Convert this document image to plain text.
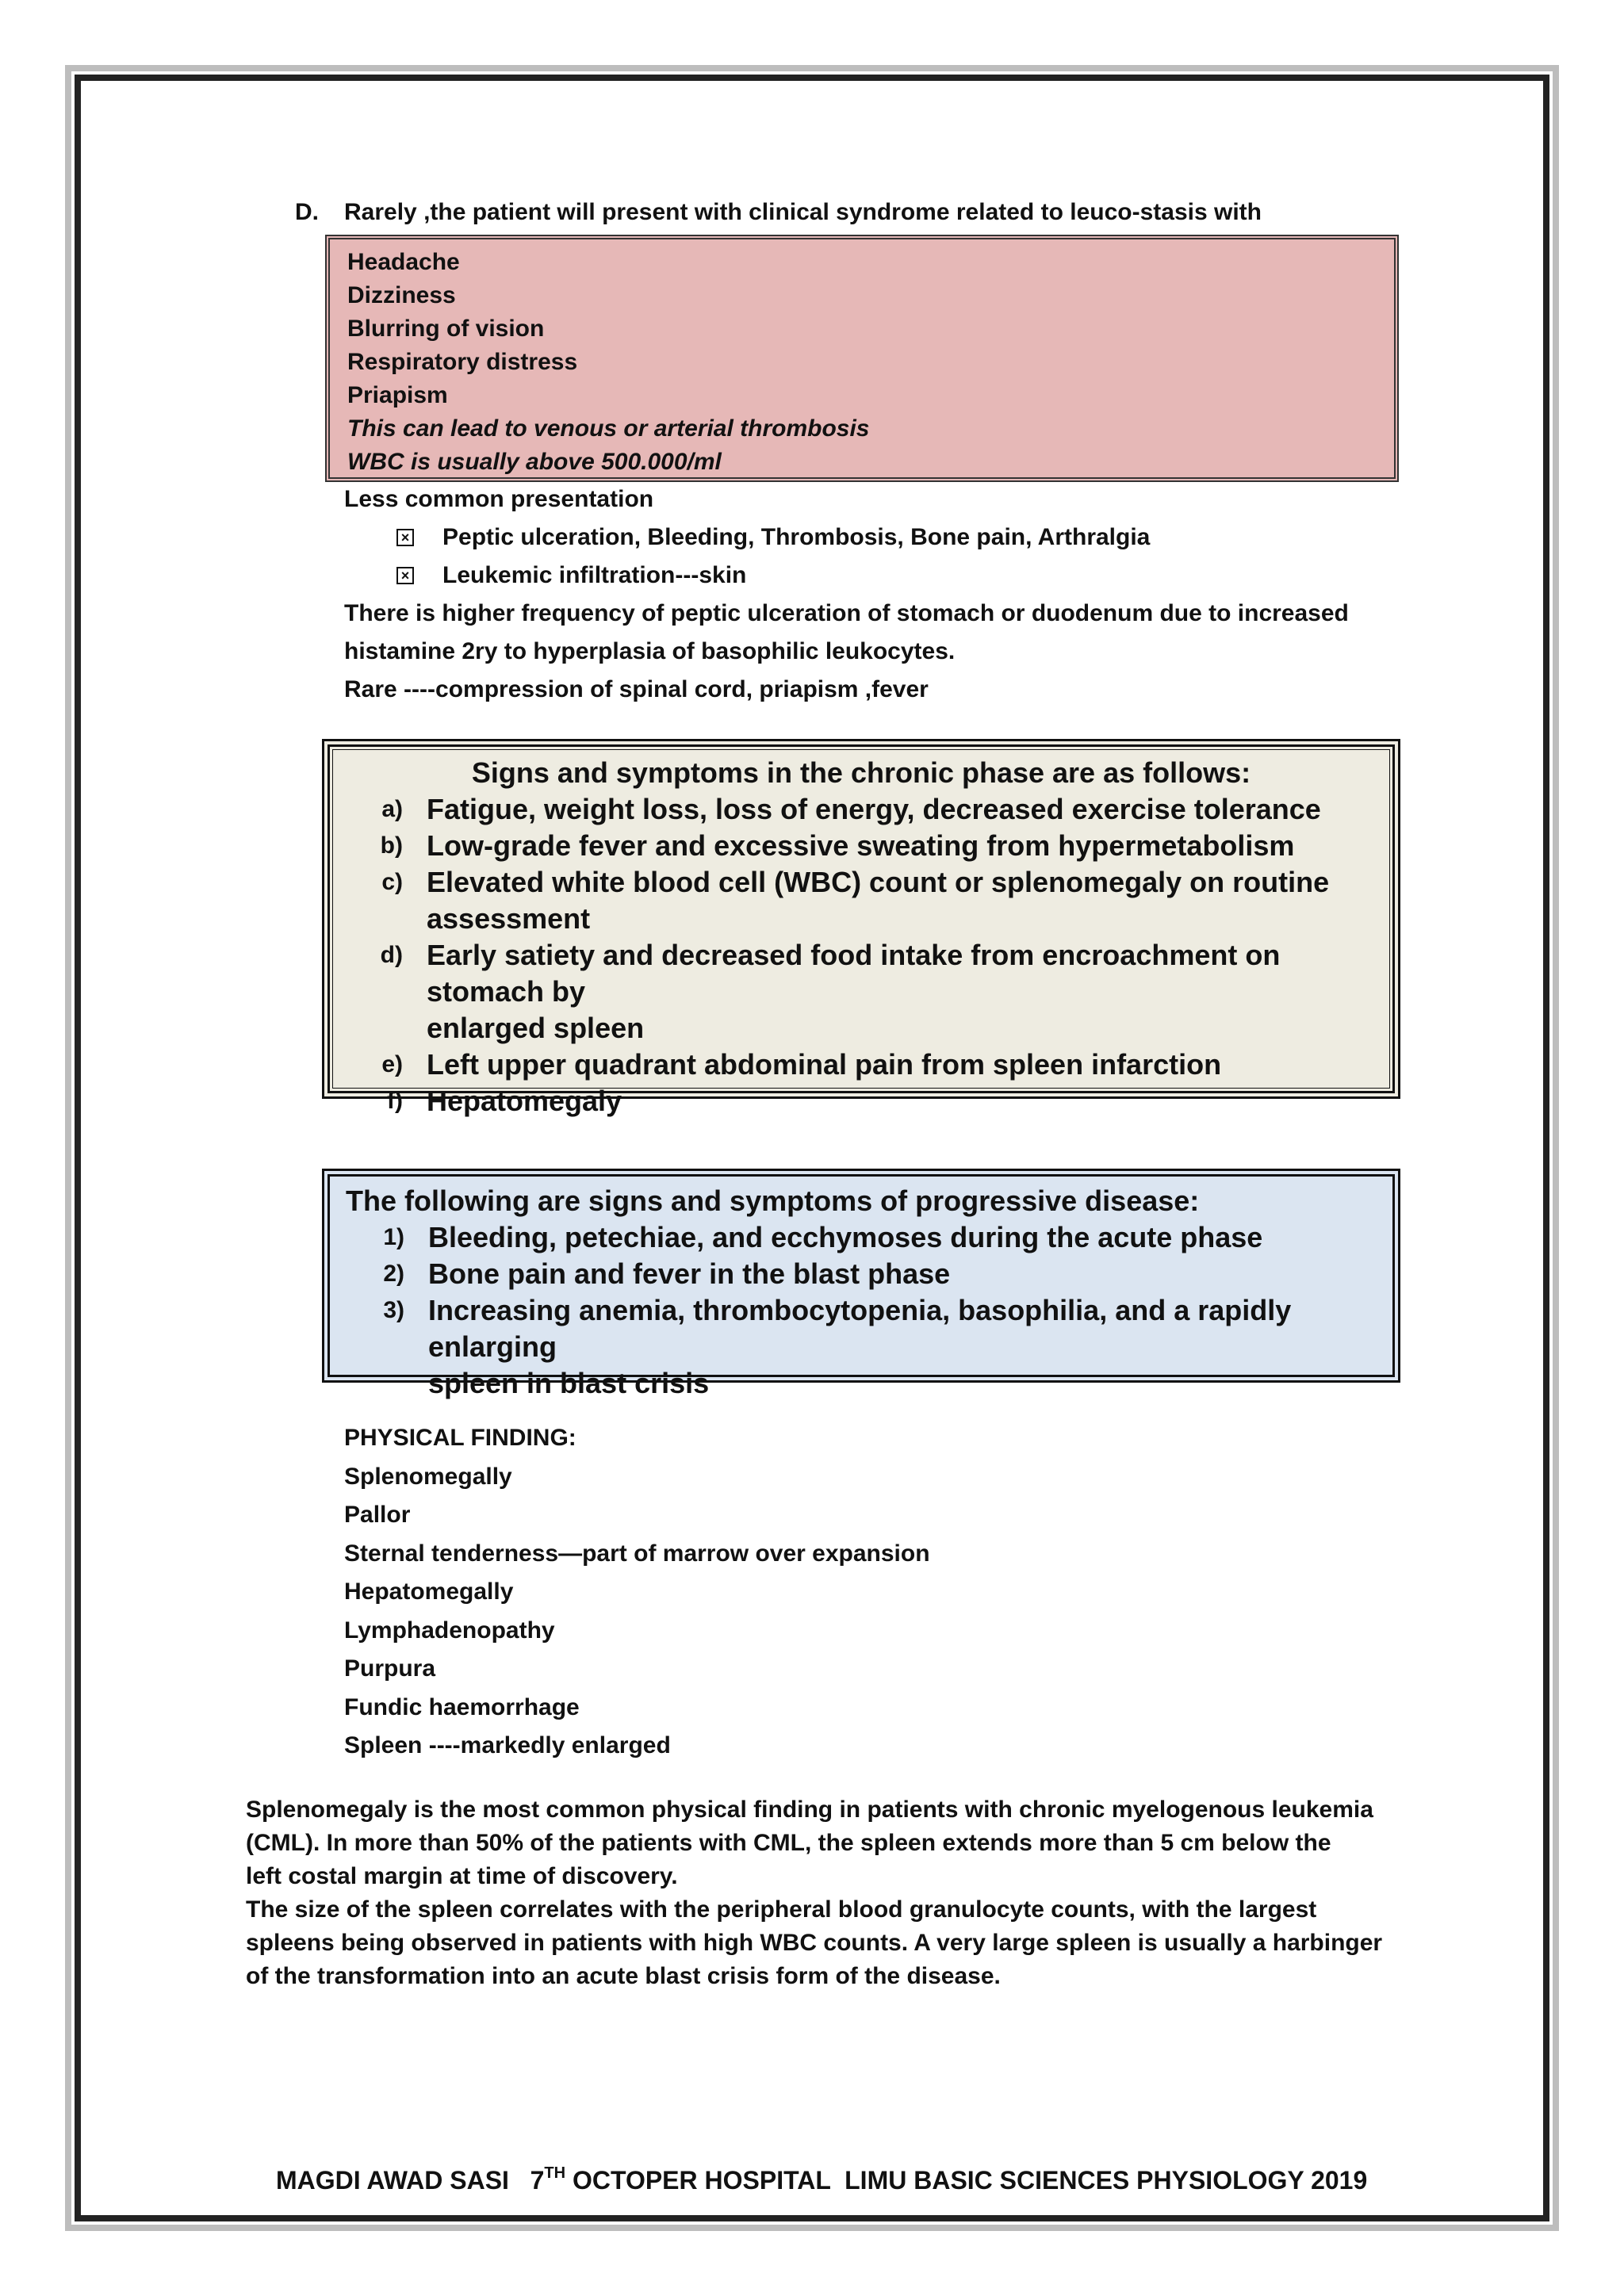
D. Rarely ,the patient will present with clinical syndrome related to leuco-stasis with
Headache
Dizziness
Blurring of vision
Respiratory distress
Priapism
This can lead to venous or arterial thrombosis
WBC is usually above 500.000/ml
Less common presentation
× Peptic ulceration, Bleeding, Thrombosis, Bone pain, Arthralgia
× Leukemic infiltration---skin
There is higher frequency of peptic ulceration of stomach or duodenum due to increased
histamine 2ry to hyperplasia of basophilic leukocytes.
Rare ----compression of spinal cord, priapism ,fever
Signs and symptoms in the chronic phase are as follows:
a) Fatigue, weight loss, loss of energy, decreased exercise tolerance
b) Low-grade fever and excessive sweating from hypermetabolism
c) Elevated white blood cell (WBC) count or splenomegaly on routine
assessment
d) Early satiety and decreased food intake from encroachment on stomach by
enlarged spleen
e) Left upper quadrant abdominal pain from spleen infarction
f) Hepatomegaly
The following are signs and symptoms of progressive disease:
1) Bleeding, petechiae, and ecchymoses during the acute phase
2) Bone pain and fever in the blast phase
3) Increasing anemia, thrombocytopenia, basophilia, and a rapidly enlarging
spleen in blast crisis
PHYSICAL FINDING:
Splenomegally
Pallor
Sternal tenderness—part of marrow over expansion
Hepatomegally
Lymphadenopathy
Purpura
Fundic haemorrhage
Spleen ----markedly enlarged
Splenomegaly is the most common physical finding in patients with chronic myelogenous leukemia
(CML). In more than 50% of the patients with CML, the spleen extends more than 5 cm below the
left costal margin at time of discovery.
The size of the spleen correlates with the peripheral blood granulocyte counts, with the largest
spleens being observed in patients with high WBC counts. A very large spleen is usually a harbinger
of the transformation into an acute blast crisis form of the disease.
MAGDI AWAD SASI 7TH OCTOPER HOSPITAL  LIMU BASIC SCIENCES PHYSIOLOGY 2019
